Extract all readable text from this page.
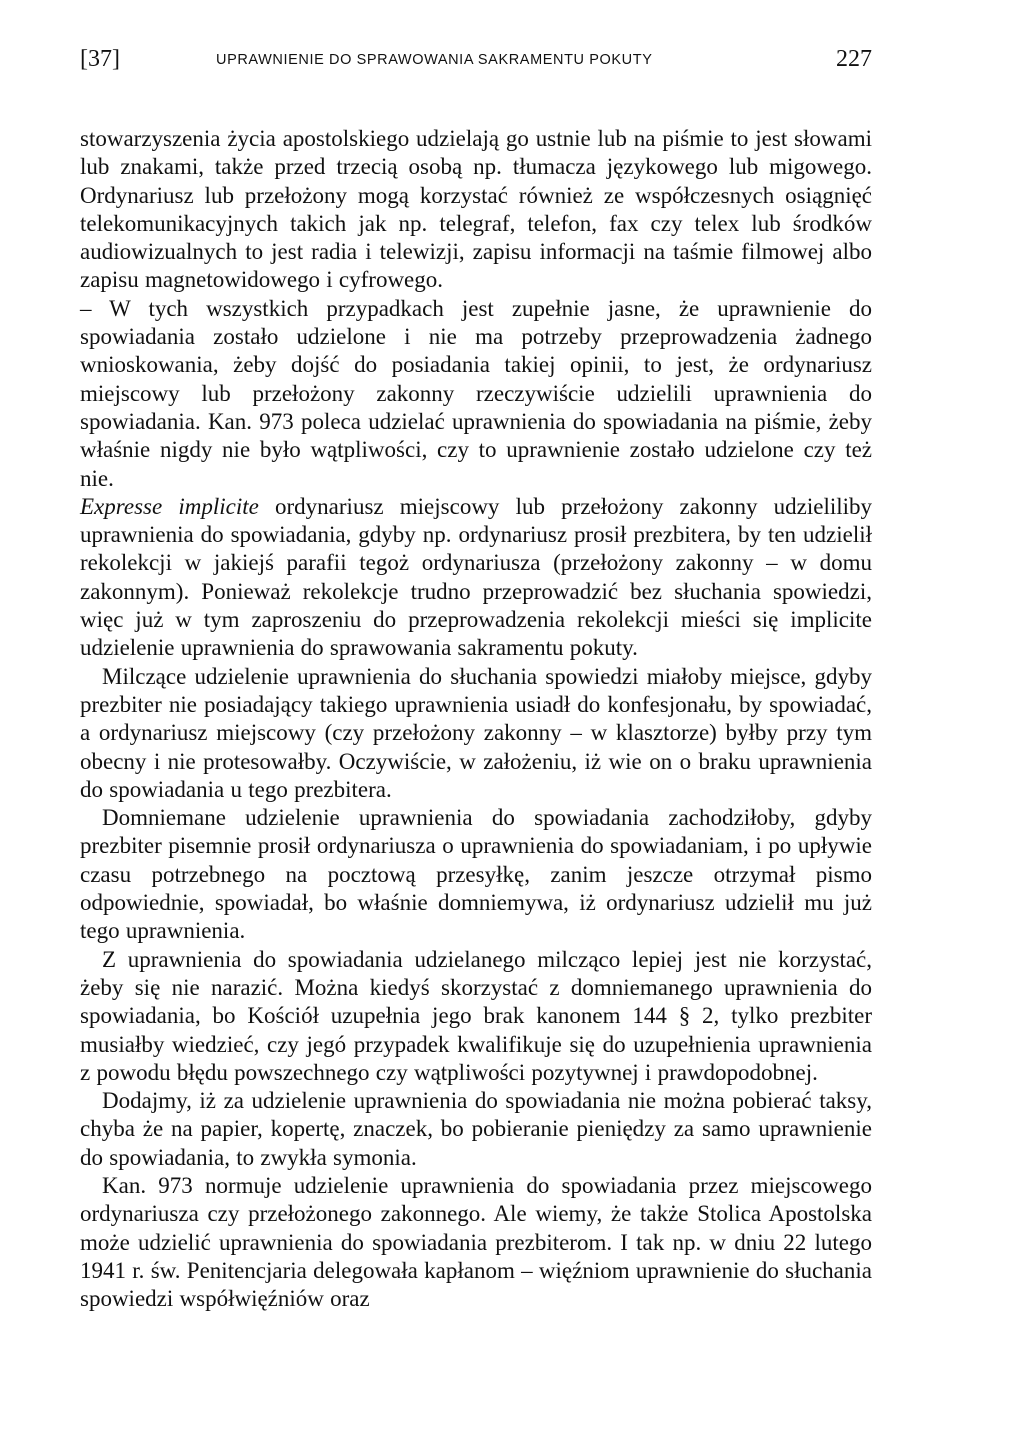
[37]	UPRAWNIENIE DO SPRAWOWANIA SAKRAMENTU POKUTY	227

stowarzyszenia życia apostolskiego udzielają go ustnie lub na piśmie to jest słowami lub znakami, także przed trzecią osobą np. tłumacza językowego lub migowego. Ordynariusz lub przełożony mogą korzystać również ze współczesnych osiągnięć telekomunikacyjnych takich jak np. telegraf, telefon, fax czy telex lub środków audiowizualnych to jest radia i telewizji, zapisu informacji na taśmie filmowej albo zapisu magnetowidowego i cyfrowego.

– W tych wszystkich przypadkach jest zupełnie jasne, że uprawnienie do spowiadania zostało udzielone i nie ma potrzeby przeprowadzenia żadnego wnioskowania, żeby dojść do posiadania takiej opinii, to jest, że ordynariusz miejscowy lub przełożony zakonny rzeczywiście udzielili uprawnienia do spowiadania. Kan. 973 poleca udzielać uprawnienia do spowiadania na piśmie, żeby właśnie nigdy nie było wątpliwości, czy to uprawnienie zostało udzielone czy też nie.

Expresse implicite ordynariusz miejscowy lub przełożony zakonny udzieliliby uprawnienia do spowiadania, gdyby np. ordynariusz prosił prezbitera, by ten udzielił rekolekcji w jakiejś parafii tegoż ordynariusza (przełożony zakonny – w domu zakonnym). Ponieważ rekolekcje trudno przeprowadzić bez słuchania spowiedzi, więc już w tym zaproszeniu do przeprowadzenia rekolekcji mieści się implicite udzielenie uprawnienia do sprawowania sakramentu pokuty.

Milczące udzielenie uprawnienia do słuchania spowiedzi miałoby miejsce, gdyby prezbiter nie posiadający takiego uprawnienia usiadł do konfesjonału, by spowiadać, a ordynariusz miejscowy (czy przełożony zakonny – w klasztorze) byłby przy tym obecny i nie protesowałby. Oczywiście, w założeniu, iż wie on o braku uprawnienia do spowiadania u tego prezbitera.

Domniemane udzielenie uprawnienia do spowiadania zachodziłoby, gdyby prezbiter pisemnie prosił ordynariusza o uprawnienia do spowiadaniam, i po upływie czasu potrzebnego na pocztową przesyłkę, zanim jeszcze otrzymał pismo odpowiednie, spowiadał, bo właśnie domniemywa, iż ordynariusz udzielił mu już tego uprawnienia.

Z uprawnienia do spowiadania udzielanego milcząco lepiej jest nie korzystać, żeby się nie narazić. Można kiedyś skorzystać z domniemanego uprawnienia do spowiadania, bo Kościół uzupełnia jego brak kanonem 144 § 2, tylko prezbiter musiałby wiedzieć, czy jegó przypadek kwalifikuje się do uzupełnienia uprawnienia z powodu błędu powszechnego czy wątpliwości pozytywnej i prawdopodobnej.

Dodajmy, iż za udzielenie uprawnienia do spowiadania nie można pobierać taksy, chyba że na papier, kopertę, znaczek, bo pobieranie pieniędzy za samo uprawnienie do spowiadania, to zwykła symonia.

Kan. 973 normuje udzielenie uprawnienia do spowiadania przez miejscowego ordynariusza czy przełożonego zakonnego. Ale wiemy, że także Stolica Apostolska może udzielić uprawnienia do spowiadania prezbiterom. I tak np. w dniu 22 lutego 1941 r. św. Penitencjaria delegowała kapłanom – więźniom uprawnienie do słuchania spowiedzi współwięźniów oraz
